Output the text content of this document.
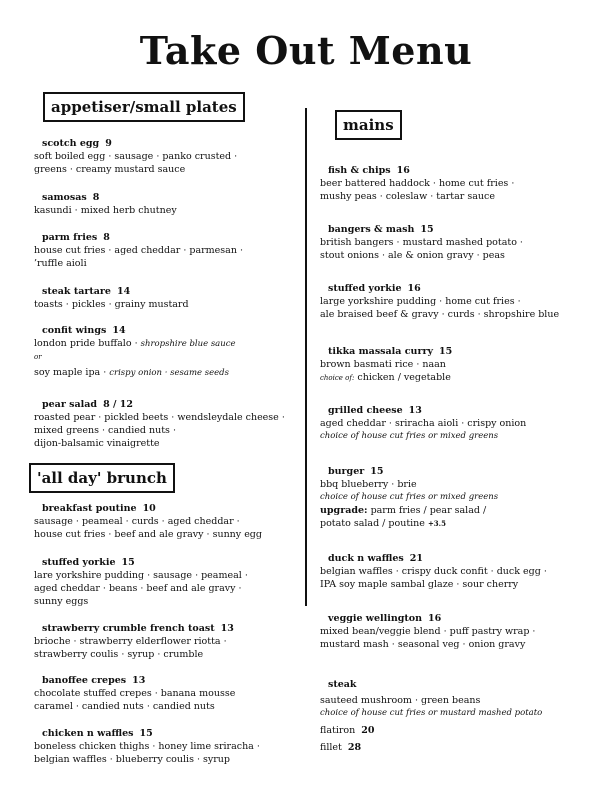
Take Out Menu
appetiser/small plates
scotch egg 9
soft boiled egg · sausage · panko crusted ·
greens · creamy mustard sauce
samosas 8
kasundi · mixed herb chutney
parm fries 8
house cut fries · aged cheddar · parmesan ·
’ruffle aioli
steak tartare 14
toasts · pickles · grainy mustard
confit wings 14
london pride buffalo · shropshire blue sauce
or
soy maple ipa · crispy onion · sesame seeds
pear salad 8 / 12
roasted pear · pickled beets · wendsleydale cheese ·
mixed greens · candied nuts ·
dijon-balsamic vinaigrette
'all day' brunch
breakfast poutine 10
sausage · peameal · curds · aged cheddar ·
house cut fries · beef and ale gravy · sunny egg
stuffed yorkie 15
lare yorkshire pudding · sausage · peameal ·
aged cheddar · beans · beef and ale gravy ·
sunny eggs
strawberry crumble french toast 13
brioche · strawberry elderflower riotta ·
strawberry coulis · syrup · crumble
banoffee crepes 13
chocolate stuffed crepes · banana mousse
caramel · candied nuts · candied nuts
chicken n waffles 15
boneless chicken thighs · honey lime sriracha ·
belgian waffles · blueberry coulis · syrup
mains
fish & chips 16
beer battered haddock · home cut fries ·
mushy peas · coleslaw · tartar sauce
bangers & mash 15
british bangers · mustard mashed potato ·
stout onions · ale & onion gravy · peas
stuffed yorkie 16
large yorkshire pudding · home cut fries ·
ale braised beef & gravy · curds · shropshire blue
tikka massala curry 15
brown basmati rice · naan
choice of: chicken / vegetable
grilled cheese 13
aged cheddar · sriracha aioli · crispy onion
choice of house cut fries or mixed greens
burger 15
bbq blueberry · brie
choice of house cut fries or mixed greens
upgrade: parm fries / pear salad /
potato salad / poutine +3.5
duck n waffles 21
belgian waffles · crispy duck confit · duck egg ·
IPA soy maple sambal glaze · sour cherry
veggie wellington 16
mixed bean/veggie blend · puff pastry wrap ·
mustard mash · seasonal veg · onion gravy
steak
sauteed mushroom · green beans
choice of house cut fries or mustard mashed potato
flatiron 20
fillet 28
